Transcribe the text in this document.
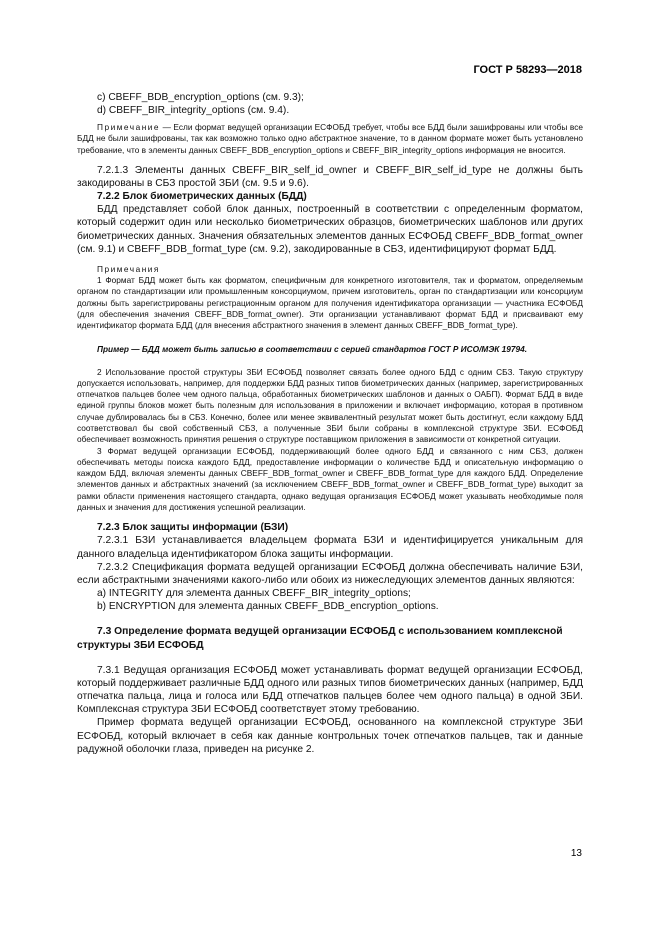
ГОСТ Р 58293—2018

c) CBEFF_BDB_encryption_options (см. 9.3);

d) CBEFF_BIR_integrity_options (см. 9.4).

Примечание — Если формат ведущей организации ЕСФОБД требует, чтобы все БДД были зашифрованы или чтобы все БДД не были зашифрованы, так как возможно только одно абстрактное значение, то в данном формате может быть установлено требование, что в элементы данных CBEFF_BDB_encryption_options и CBEFF_BIR_integrity_options информация не вносится.

7.2.1.3 Элементы данных CBEFF_BIR_self_id_owner и CBEFF_BIR_self_id_type не должны быть закодированы в СБЗ простой ЗБИ (см. 9.5 и 9.6).

7.2.2 Блок биометрических данных (БДД)

БДД представляет собой блок данных, построенный в соответствии с определенным форматом, который содержит один или несколько биометрических образцов, биометрических шаблонов или других биометрических данных. Значения обязательных элементов данных ЕСФОБД CBEFF_BDB_format_owner (см. 9.1) и CBEFF_BDB_format_type (см. 9.2), закодированные в СБЗ, идентифицируют формат БДД.

Примечания

1 Формат БДД может быть как форматом, специфичным для конкретного изготовителя, так и форматом, определяемым органом по стандартизации или промышленным консорциумом, причем изготовитель, орган по стандартизации или консорциум должны быть зарегистрированы регистрационным органом для получения идентификатора организации — участника ЕСФОБД (для обеспечения значения CBEFF_BDB_format_owner). Эти организации устанавливают формат БДД и присваивают ему идентификатор формата БДД (для внесения абстрактного значения в элемент данных CBEFF_BDB_format_type).

Пример — БДД может быть записью в соответствии с серией стандартов ГОСТ Р ИСО/МЭК 19794.

2 Использование простой структуры ЗБИ ЕСФОБД позволяет связать более одного БДД с одним СБЗ. Такую структуру допускается использовать, например, для поддержки БДД разных типов биометрических данных (например, зарегистрированных отпечатков пальцев более чем одного пальца, обработанных биометрических шаблонов и данных о ОАБП). Формат БДД в виде единой группы блоков может быть полезным для использования в приложении и включает информацию, которая в противном случае дублировалась бы в СБЗ. Конечно, более или менее эквивалентный результат может быть достигнут, если каждому БДД соответствовал бы свой собственный СБЗ, а полученные ЗБИ были собраны в комплексной структуре ЗБИ. ЕСФОБД обеспечивает возможность принятия решения о структуре поставщиком приложения в зависимости от конкретной ситуации.

3 Формат ведущей организации ЕСФОБД, поддерживающий более одного БДД и связанного с ним СБЗ, должен обеспечивать методы поиска каждого БДД, предоставление информации о количестве БДД и описательную информацию о каждом БДД, включая элементы данных CBEFF_BDB_format_owner и CBEFF_BDB_format_type для каждого БДД. Определение элементов данных и абстрактных значений (за исключением CBEFF_BDB_format_owner и CBEFF_BDB_format_type) выходит за рамки области применения настоящего стандарта, однако ведущая организация ЕСФОБД может указывать необходимые поля данных и значения для достижения успешной реализации.

7.2.3 Блок защиты информации (БЗИ)

7.2.3.1 БЗИ устанавливается владельцем формата БЗИ и идентифицируется уникальным для данного владельца идентификатором блока защиты информации.

7.2.3.2 Спецификация формата ведущей организации ЕСФОБД должна обеспечивать наличие БЗИ, если абстрактными значениями какого-либо или обоих из нижеследующих элементов данных являются:

a) INTEGRITY для элемента данных CBEFF_BIR_integrity_options;

b) ENCRYPTION для элемента данных CBEFF_BDB_encryption_options.

7.3 Определение формата ведущей организации ЕСФОБД с использованием комплексной структуры ЗБИ ЕСФОБД

7.3.1 Ведущая организация ЕСФОБД может устанавливать формат ведущей организации ЕСФОБД, который поддерживает различные БДД одного или разных типов биометрических данных (например, БДД отпечатка пальца, лица и голоса или БДД отпечатков пальцев более чем одного пальца) в одной ЗБИ. Комплексная структура ЗБИ ЕСФОБД соответствует этому требованию.

Пример формата ведущей организации ЕСФОБД, основанного на комплексной структуре ЗБИ ЕСФОБД, который включает в себя как данные контрольных точек отпечатков пальцев, так и данные радужной оболочки глаза, приведен на рисунке 2.

13
